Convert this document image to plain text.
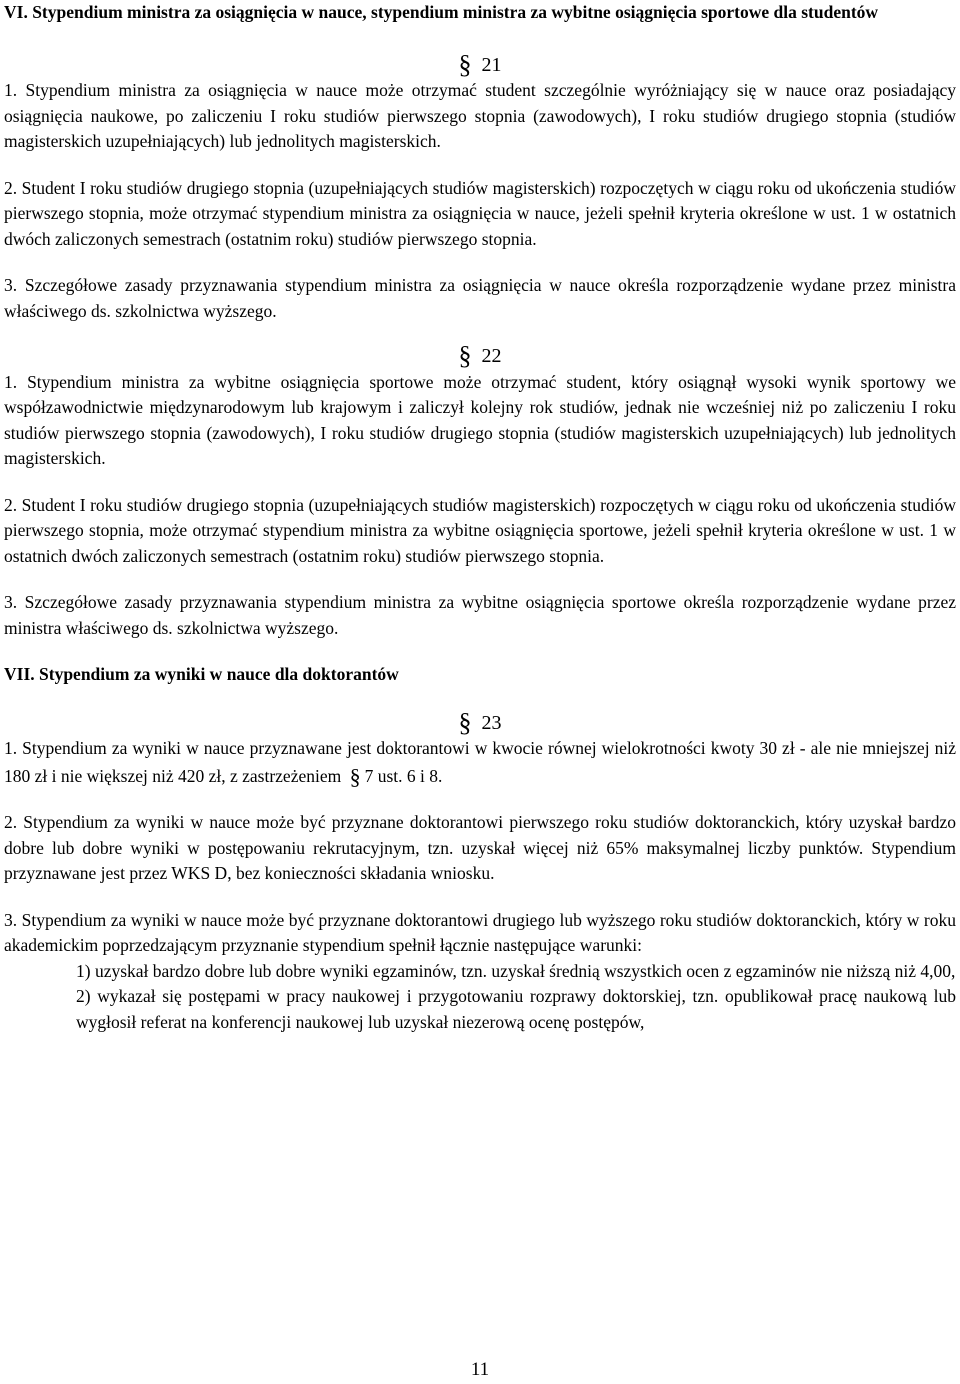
VI. Stypendium ministra za osiągnięcia w nauce, stypendium ministra za wybitne osiągnięcia sportowe dla studentów

§ 21

1. Stypendium ministra za osiągnięcia w nauce może otrzymać student szczególnie wyróżniający się w nauce oraz posiadający osiągnięcia naukowe, po zaliczeniu I roku studiów pierwszego stopnia (zawodowych), I roku studiów drugiego stopnia (studiów magisterskich uzupełniających) lub jednolitych magisterskich.

2. Student I roku studiów drugiego stopnia (uzupełniających studiów magisterskich) rozpoczętych w ciągu roku od ukończenia studiów pierwszego stopnia, może otrzymać stypendium ministra za osiągnięcia w nauce, jeżeli spełnił kryteria określone w ust. 1 w ostatnich dwóch zaliczonych semestrach (ostatnim roku) studiów pierwszego stopnia.

3. Szczegółowe zasady przyznawania stypendium ministra za osiągnięcia w nauce określa rozporządzenie wydane przez ministra właściwego ds. szkolnictwa wyższego.

§ 22

1. Stypendium ministra za wybitne osiągnięcia sportowe może otrzymać student, który osiągnął wysoki wynik sportowy we współzawodnictwie międzynarodowym lub krajowym i zaliczył kolejny rok studiów, jednak nie wcześniej niż po zaliczeniu I roku studiów pierwszego stopnia (zawodowych), I roku studiów drugiego stopnia (studiów magisterskich uzupełniających) lub jednolitych magisterskich.

2. Student I roku studiów drugiego stopnia (uzupełniających studiów magisterskich) rozpoczętych w ciągu roku od ukończenia studiów pierwszego stopnia, może otrzymać stypendium ministra za wybitne osiągnięcia sportowe, jeżeli spełnił kryteria określone w ust. 1 w ostatnich dwóch zaliczonych semestrach (ostatnim roku) studiów pierwszego stopnia.

3. Szczegółowe zasady przyznawania stypendium ministra za wybitne osiągnięcia sportowe określa rozporządzenie wydane przez ministra właściwego ds. szkolnictwa wyższego.

VII. Stypendium za wyniki w nauce dla doktorantów

§ 23

1. Stypendium za wyniki w nauce przyznawane jest doktorantowi w kwocie równej wielokrotności kwoty 30 zł - ale nie mniejszej niż 180 zł i nie większej niż 420 zł, z zastrzeżeniem § 7 ust. 6 i 8.

2. Stypendium za wyniki w nauce może być przyznane doktorantowi pierwszego roku studiów doktoranckich, który uzyskał bardzo dobre lub dobre wyniki w postępowaniu rekrutacyjnym, tzn. uzyskał więcej niż 65% maksymalnej liczby punktów. Stypendium przyznawane jest przez WKS D, bez konieczności składania wniosku.

3. Stypendium za wyniki w nauce może być przyznane doktorantowi drugiego lub wyższego roku studiów doktoranckich, który w roku akademickim poprzedzającym przyznanie stypendium spełnił łącznie następujące warunki:

1) uzyskał bardzo dobre lub dobre wyniki egzaminów, tzn. uzyskał średnią wszystkich ocen z egzaminów nie niższą niż 4,00,

2) wykazał się postępami w pracy naukowej i przygotowaniu rozprawy doktorskiej, tzn. opublikował pracę naukową lub wygłosił referat na konferencji naukowej lub uzyskał niezerową ocenę postępów,

11
